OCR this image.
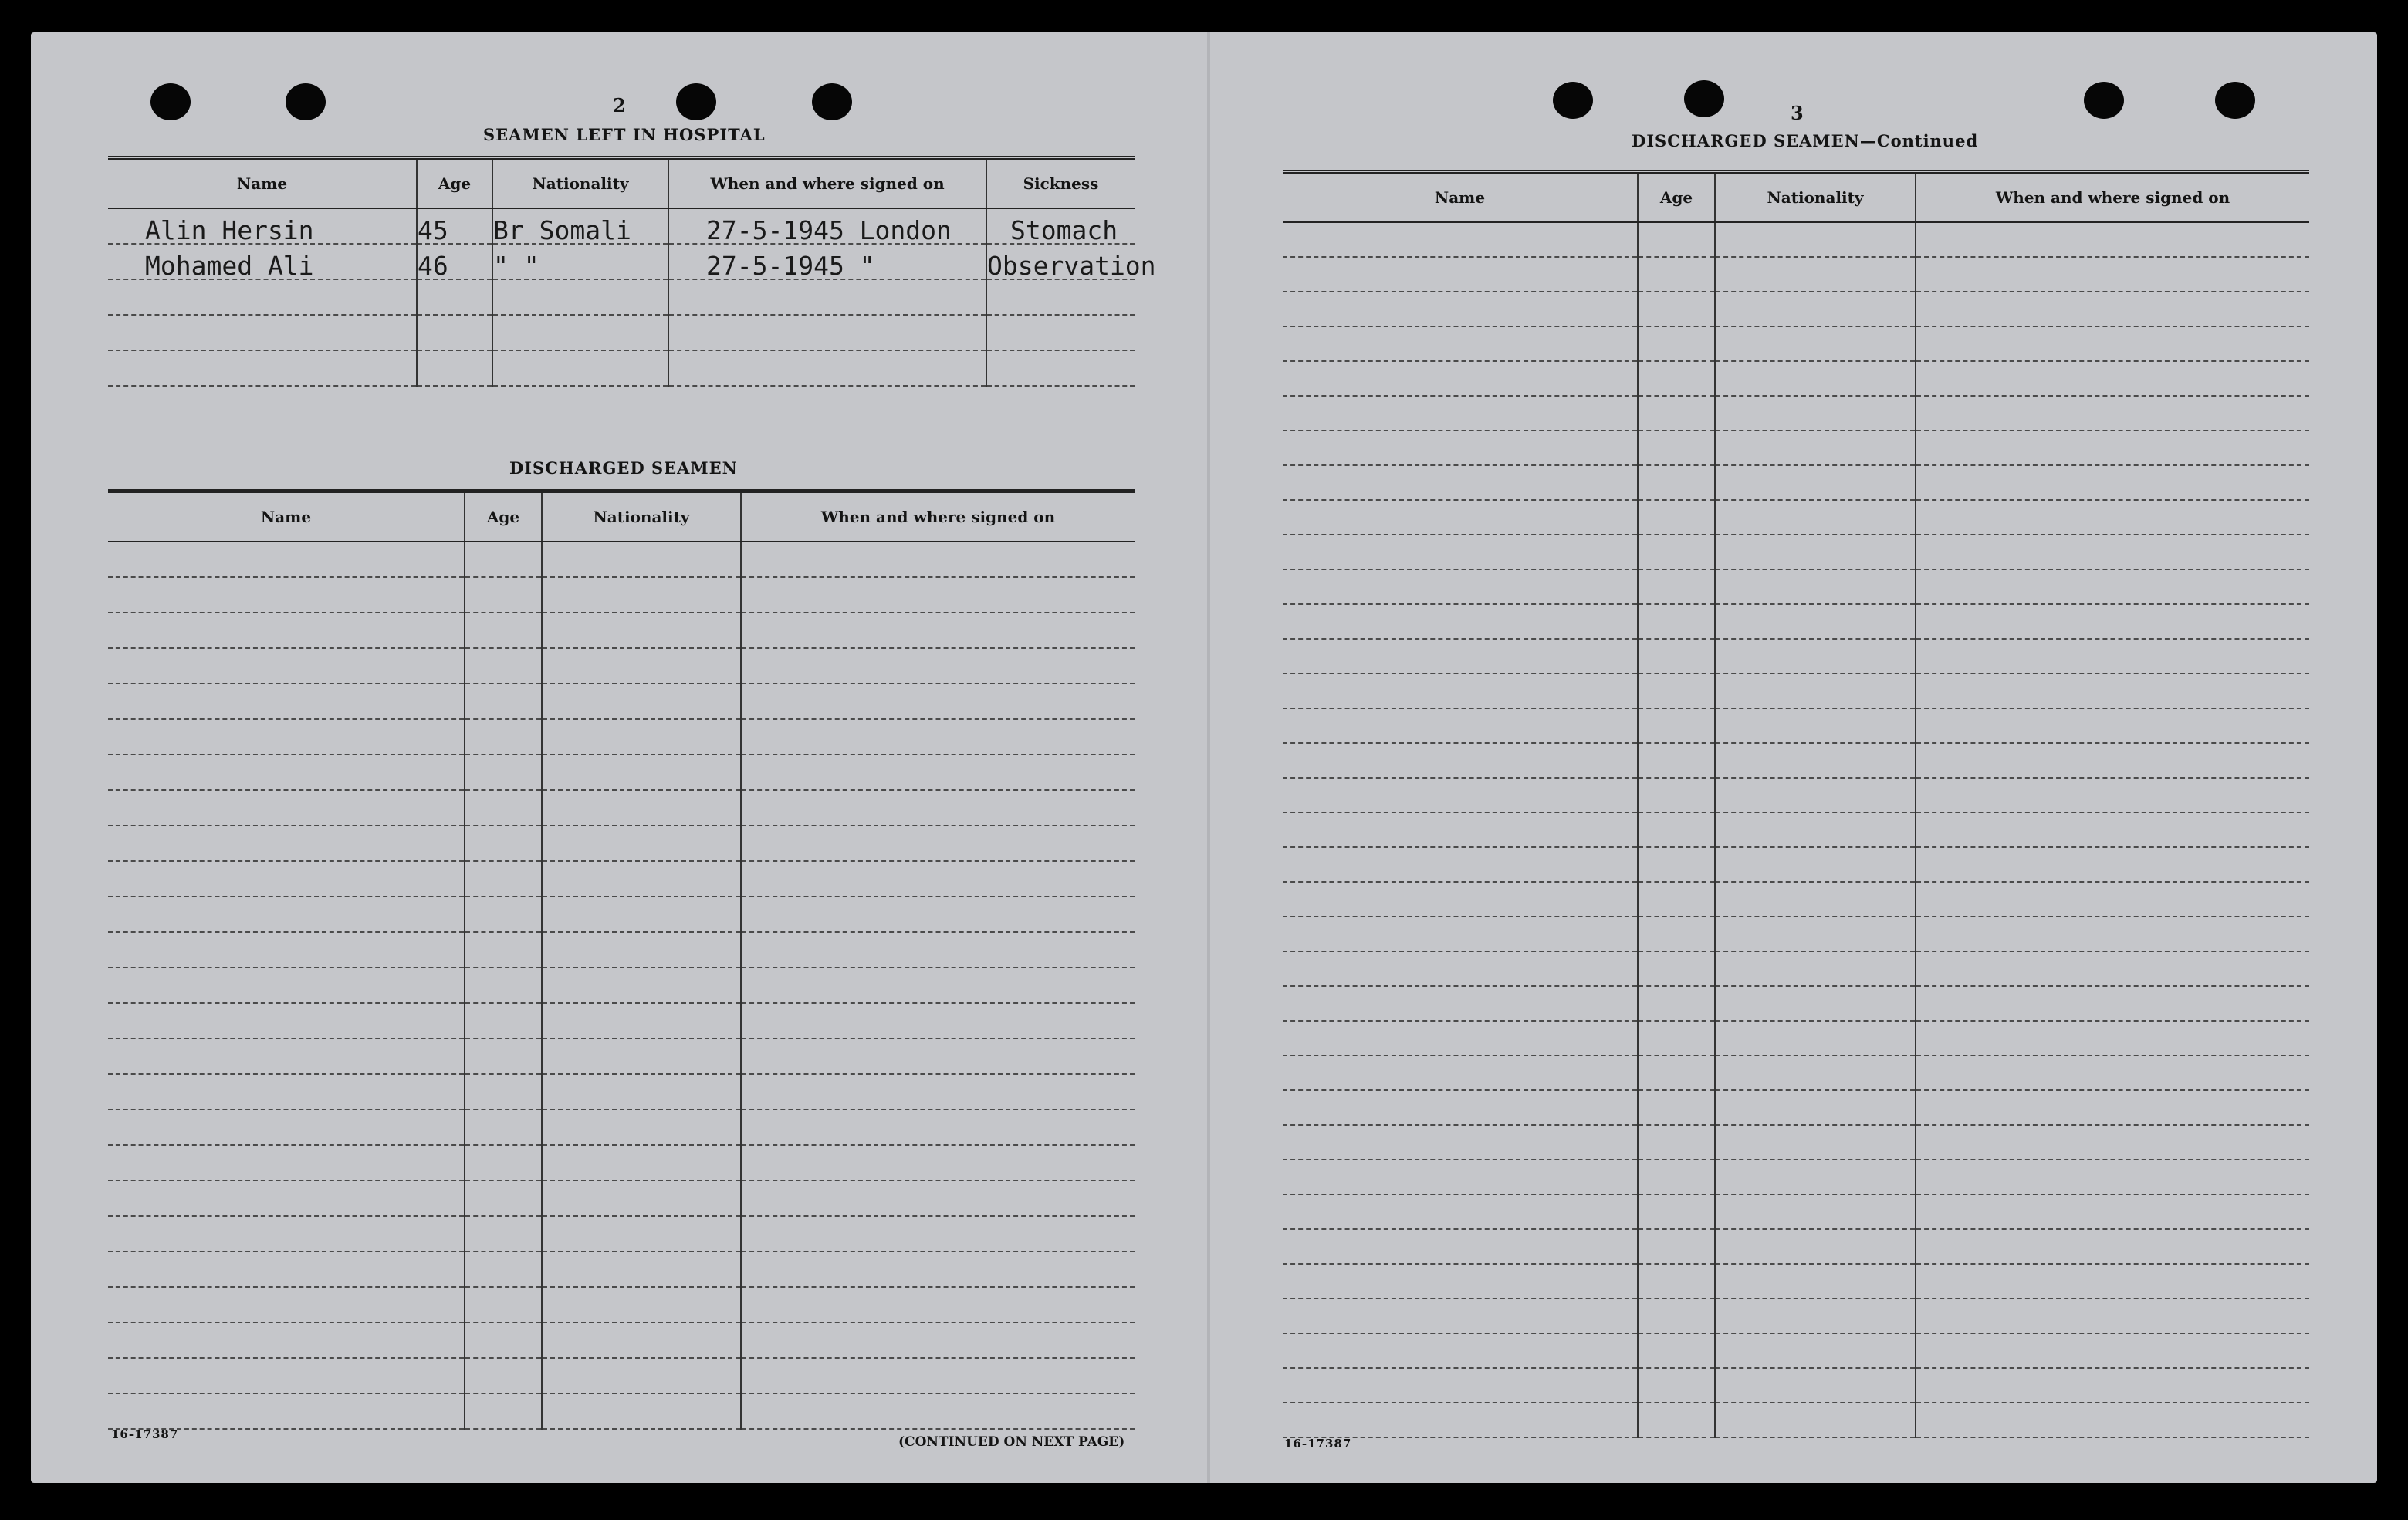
2
SEAMEN LEFT IN HOSPITAL
Name	Age	Nationality	When and where signed on	Sickness
Alin Hersin	45	Br Somali	27-5-1945 London	Stomach
Mohamed Ali	46	" "	27-5-1945 "	Observation

DISCHARGED SEAMEN
Name	Age	Nationality	When and where signed on

16-17387	(CONTINUED ON NEXT PAGE)
3
DISCHARGED SEAMEN—Continued
Name	Age	Nationality	When and where signed on

16-17387
